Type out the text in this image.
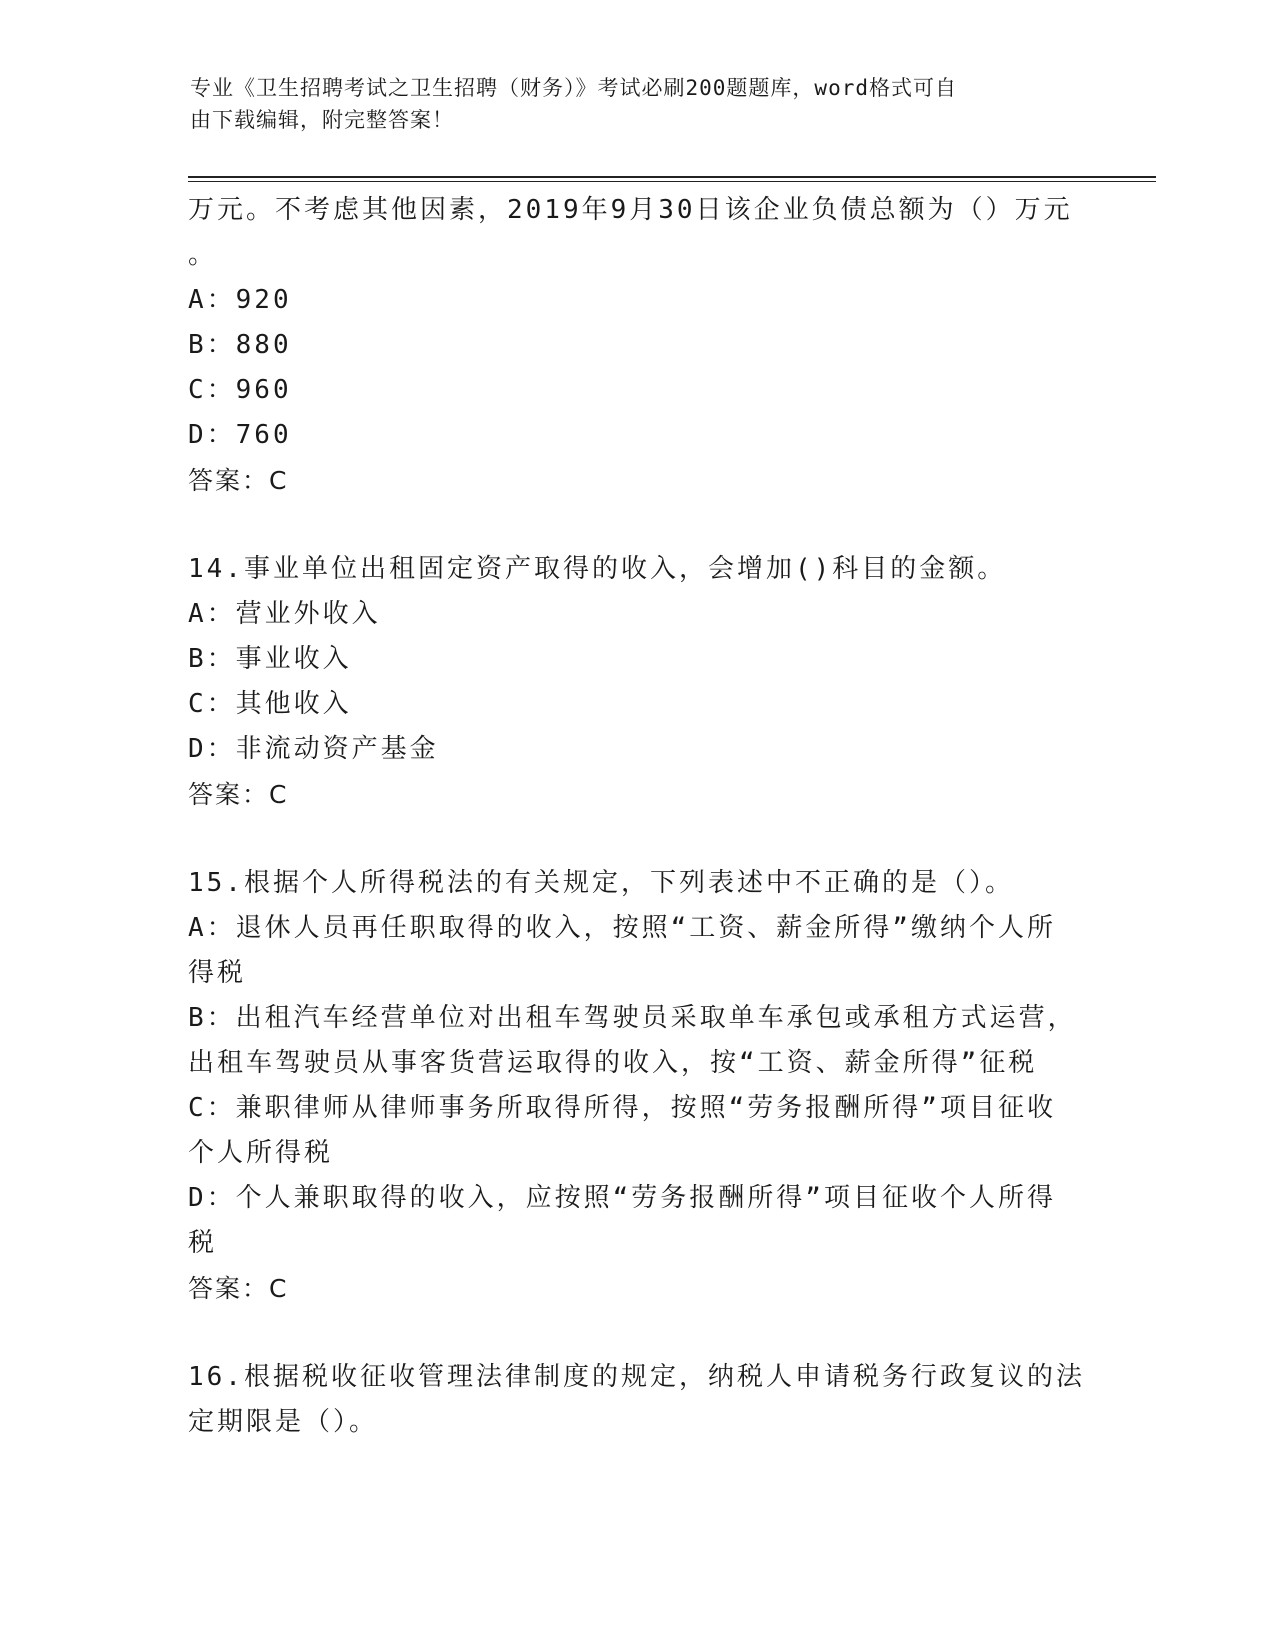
专业《卫生招聘考试之卫生招聘（财务）》考试必刷200题题库，word格式可自
由下载编辑，附完整答案！
万元。不考虑其他因素，2019年9月30日该企业负债总额为（）万元
。
A：920
B：880
C：960
D：760
答案：C
14.事业单位出租固定资产取得的收入，会增加()科目的金额。
A：营业外收入
B：事业收入
C：其他收入
D：非流动资产基金
答案：C
15.根据个人所得税法的有关规定，下列表述中不正确的是（）。
A：退休人员再任职取得的收入，按照“工资、薪金所得”缴纳个人所
得税
B：出租汽车经营单位对出租车驾驶员采取单车承包或承租方式运营，
出租车驾驶员从事客货营运取得的收入，按“工资、薪金所得”征税
C：兼职律师从律师事务所取得所得，按照“劳务报酬所得”项目征收
个人所得税
D：个人兼职取得的收入，应按照“劳务报酬所得”项目征收个人所得
税
答案：C
16.根据税收征收管理法律制度的规定，纳税人申请税务行政复议的法
定期限是（）。
